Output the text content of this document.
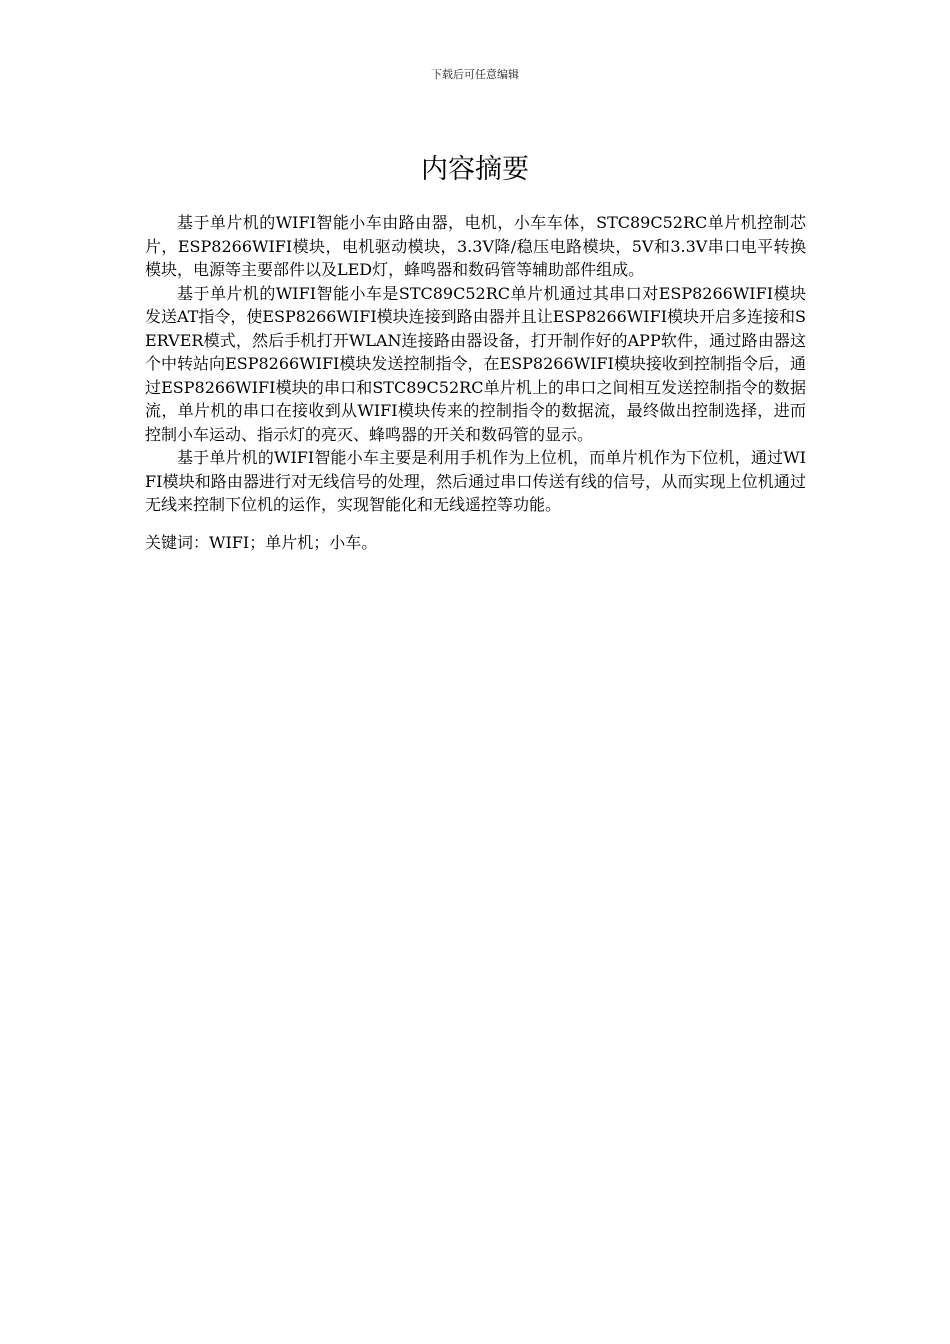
下载后可任意编辑
内容摘要

基于单片机的WIFI智能小车由路由器，电机，小车车体，STC89C52RC单片机控制芯片，ESP8266WIFI模块，电机驱动模块，3.3V降/稳压电路模块，5V和3.3V串口电平转换模块，电源等主要部件以及LED灯，蜂鸣器和数码管等辅助部件组成。

基于单片机的WIFI智能小车是STC89C52RC单片机通过其串口对ESP8266WIFI模块发送AT指令，使ESP8266WIFI模块连接到路由器并且让ESP8266WIFI模块开启多连接和SERVER模式，然后手机打开WLAN连接路由器设备，打开制作好的APP软件，通过路由器这个中转站向ESP8266WIFI模块发送控制指令，在ESP8266WIFI模块接收到控制指令后，通过ESP8266WIFI模块的串口和STC89C52RC单片机上的串口之间相互发送控制指令的数据流，单片机的串口在接收到从WIFI模块传来的控制指令的数据流，最终做出控制选择，进而控制小车运动、指示灯的亮灭、蜂鸣器的开关和数码管的显示。

基于单片机的WIFI智能小车主要是利用手机作为上位机，而单片机作为下位机，通过WIFI模块和路由器进行对无线信号的处理，然后通过串口传送有线的信号，从而实现上位机通过无线来控制下位机的运作，实现智能化和无线遥控等功能。

关键词：WIFI；单片机；小车。
